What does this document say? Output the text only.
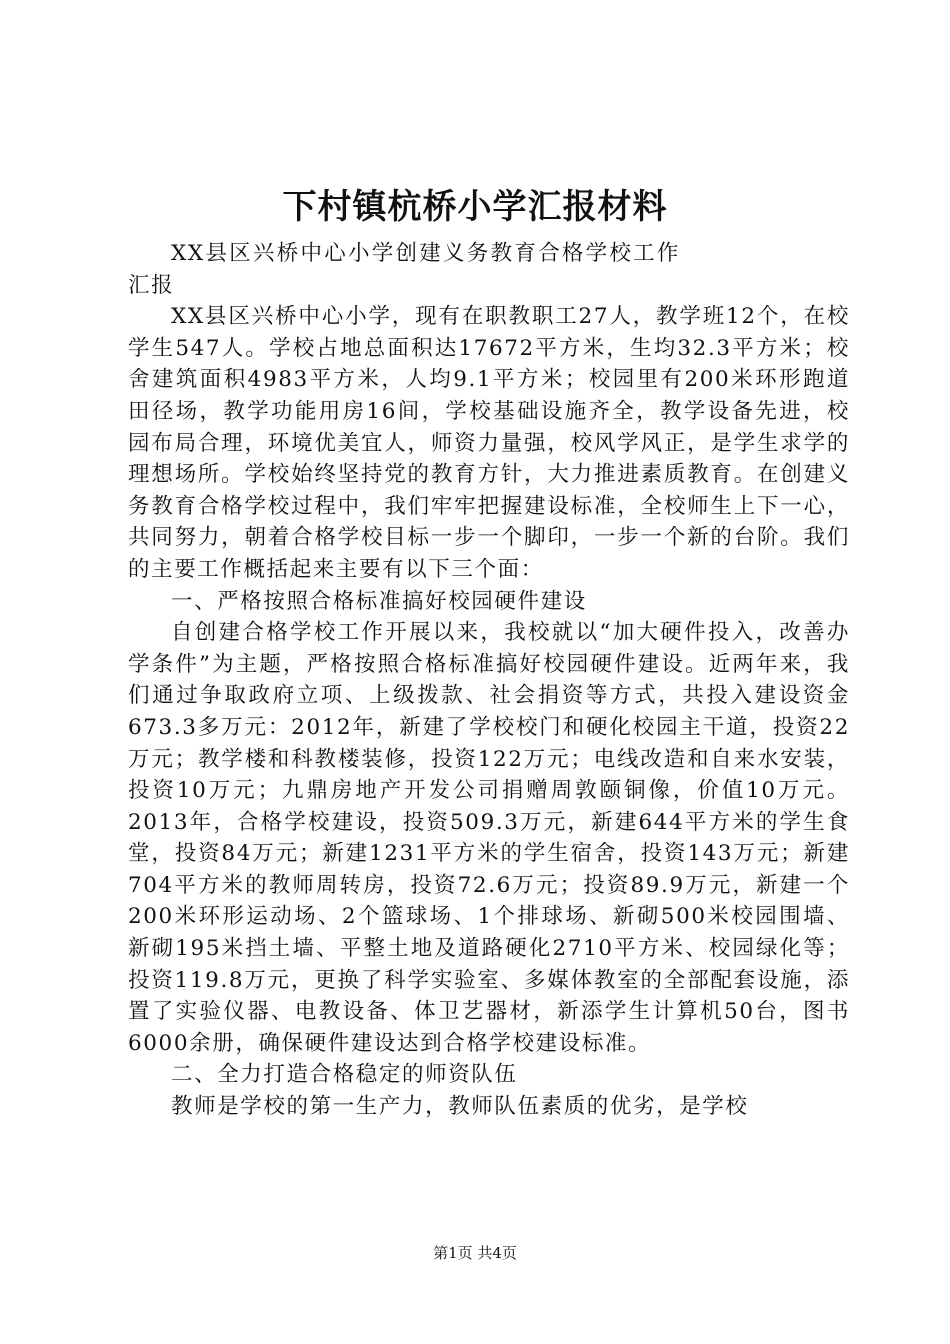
下村镇杭桥小学汇报材料

XX县区兴桥中心小学创建义务教育合格学校工作汇报

XX县区兴桥中心小学，现有在职教职工27人，教学班12个，在校学生547人。学校占地总面积达17672平方米，生均32.3平方米；校舍建筑面积4983平方米，人均9.1平方米；校园里有200米环形跑道田径场，教学功能用房16间，学校基础设施齐全，教学设备先进，校园布局合理，环境优美宜人，师资力量强，校风学风正，是学生求学的理想场所。学校始终坚持党的教育方针，大力推进素质教育。在创建义务教育合格学校过程中，我们牢牢把握建设标准，全校师生上下一心，共同努力，朝着合格学校目标一步一个脚印，一步一个新的台阶。我们的主要工作概括起来主要有以下三个面：

一、严格按照合格标准搞好校园硬件建设

自创建合格学校工作开展以来，我校就以“加大硬件投入，改善办学条件”为主题，严格按照合格标准搞好校园硬件建设。近两年来，我们通过争取政府立项、上级拨款、社会捐资等方式，共投入建设资金673.3多万元：2012年，新建了学校校门和硬化校园主干道，投资22万元；教学楼和科教楼装修，投资122万元；电线改造和自来水安装，投资10万元；九鼎房地产开发公司捐赠周敦颐铜像，价值10万元。2013年，合格学校建设，投资509.3万元，新建644平方米的学生食堂，投资84万元；新建1231平方米的学生宿舍，投资143万元；新建704平方米的教师周转房，投资72.6万元；投资89.9万元，新建一个200米环形运动场、2个篮球场、1个排球场、新砌500米校园围墙、新砌195米挡土墙、平整土地及道路硬化2710平方米、校园绿化等；投资119.8万元，更换了科学实验室、多媒体教室的全部配套设施，添置了实验仪器、电教设备、体卫艺器材，新添学生计算机50台，图书6000余册，确保硬件建设达到合格学校建设标准。

二、全力打造合格稳定的师资队伍

教师是学校的第一生产力，教师队伍素质的优劣，是学校

第1页 共4页
